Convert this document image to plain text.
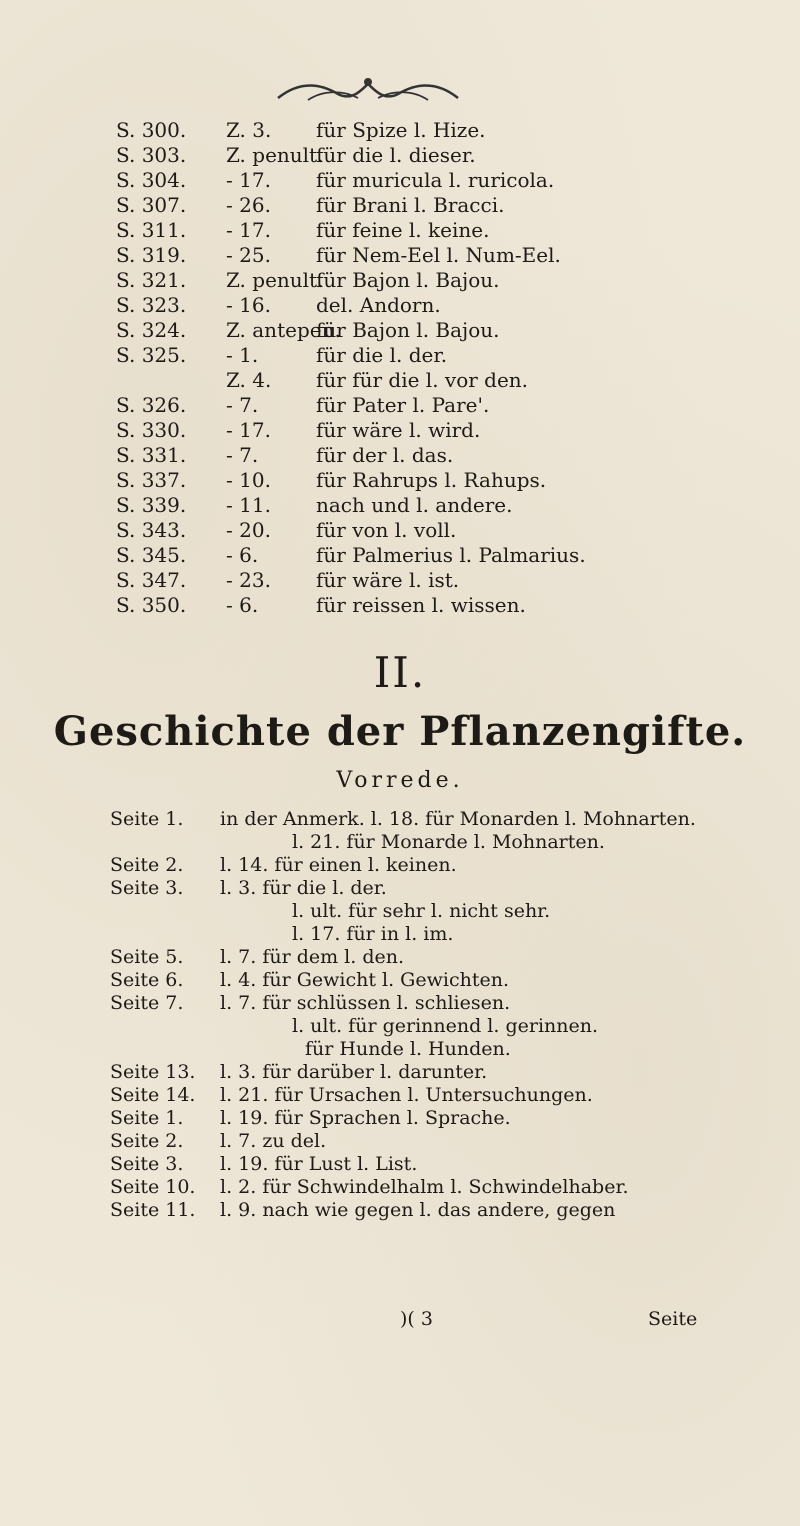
S. 300. Z. 3. für Spize l. Hize.
S. 303. Z. penult.für die l. dieser.
S. 304. - 17. für muricula l. ruricola.
S. 307. - 26. für Brani l. Bracci.
S. 311. - 17. für feine l. keine.
S. 319. - 25. für Nem-Eel l. Num-Eel.
S. 321. Z. penult.für Bajon l. Bajou.
S. 323. - 16. del. Andorn.
S. 324. Z. antepen.für Bajon l. Bajou.
S. 325. - 1.	für die l. der.
Z. 4. für für die l. vor den.
S. 326. - 7.	für Pater l. Pare'.
S. 330. - 17. für wäre l. wird.
S. 331. - 7.	für der l. das.
S. 337. - 10. für Rahrups l. Rahups.
S. 339. - 11. nach und l. andere.
S. 343. - 20. für von l. voll.
S. 345. - 6.	für Palmerius l. Palmarius.
S. 347. - 23. für wäre l. ist.
S. 350. - 6.	für reissen l. wissen.
II.
Geschichte der Pflanzengifte.
Vorrede.
Seite 1. in der Anmerk. l. 18. für Monarden l. Mohnarten.
l. 21. für Monarde l. Mohnarten.
Seite 2. l. 14. für einen l. keinen.
Seite 3. l. 3. für die l. der.
l. ult. für sehr l. nicht sehr.
l. 17. für in l. im.
Seite 5. l. 7. für dem l. den.
Seite 6. l. 4. für Gewicht l. Gewichten.
Seite 7. l. 7. für schlüssen l. schliesen.
l. ult. für gerinnend l. gerinnen.
für Hunde l. Hunden.
Seite 13. l. 3. für darüber l. darunter.
Seite 14. l. 21. für Ursachen l. Untersuchungen.
Seite 1. l. 19. für Sprachen l. Sprache.
Seite 2. l. 7. zu del.
Seite 3. l. 19. für Lust l. List.
Seite 10. l. 2. für Schwindelhalm l. Schwindelhaber.
Seite 11. l. 9. nach wie gegen l. das andere, gegen
)( 3	Seite
